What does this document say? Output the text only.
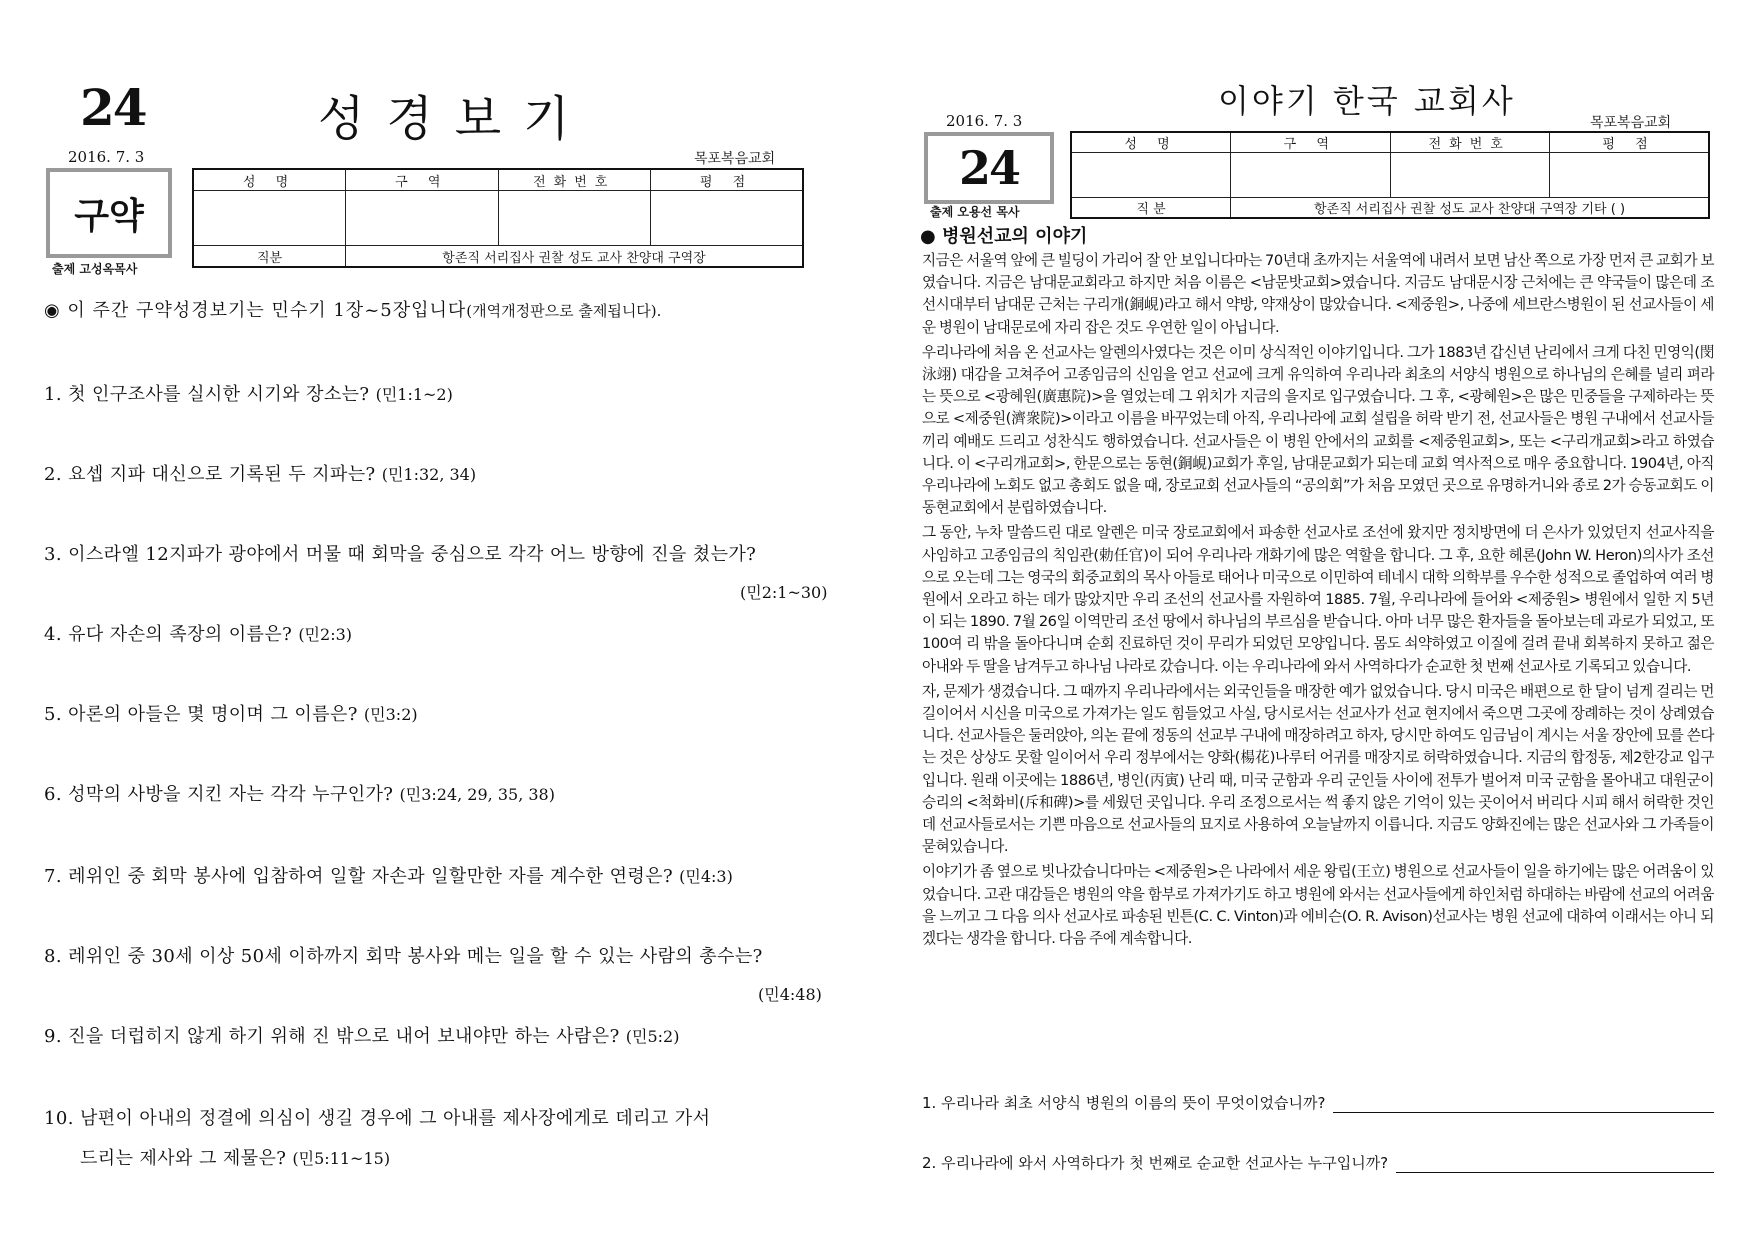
24	성경보기
2016. 7. 3	목포복음교회
구약
출제 고성옥목사
성 명	구 역	전화번호	평 점

직분	항존직 서리집사 권찰 성도 교사 찬양대 구역장		
◉ 이 주간 구약성경보기는 민수기 1장~5장입니다(개역개정판으로 출제됩니다).
1. 첫 인구조사를 실시한 시기와 장소는? (민1:1~2)
2. 요셉 지파 대신으로 기록된 두 지파는? (민1:32, 34)
3. 이스라엘 12지파가 광야에서 머물 때 회막을 중심으로 각각 어느 방향에 진을 쳤는가?
(민2:1~30)
4. 유다 자손의 족장의 이름은? (민2:3)
5. 아론의 아들은 몇 명이며 그 이름은? (민3:2)
6. 성막의 사방을 지킨 자는 각각 누구인가? (민3:24, 29, 35, 38)
7. 레위인 중 회막 봉사에 입참하여 일할 자손과 일할만한 자를 계수한 연령은? (민4:3)
8. 레위인 중 30세 이상 50세 이하까지 회막 봉사와 메는 일을 할 수 있는 사람의 총수는?
(민4:48)
9. 진을 더럽히지 않게 하기 위해 진 밖으로 내어 보내야만 하는 사람은? (민5:2)
10. 남편이 아내의 정결에 의심이 생길 경우에 그 아내를 제사장에게로 데리고 가서
드리는 제사와 그 제물은? (민5:11~15)
이야기 한국 교회사
2016. 7. 3	목포복음교회
24
출제 오용선 목사
성 명	구 역	전화번호	평 점

직 분	항존직 서리집사 권찰 성도 교사 찬양대 구역장 기타 ( )		
● 병원선교의 이야기

지금은 서울역 앞에 큰 빌딩이 가리어 잘 안 보입니다마는 70년대 초까지는 서울역에 내려서 보면 남산 쪽으로 가장 먼저 큰 교회가 보였습니다. 지금은 남대문교회라고 하지만 처음 이름은 <남문밧교회>였습니다. 지금도 남대문시장 근처에는 큰 약국들이 많은데 조선시대부터 남대문 근처는 구리개(銅峴)라고 해서 약방, 약재상이 많았습니다. <제중원>, 나중에 세브란스병원이 된 선교사들이 세운 병원이 남대문로에 자리 잡은 것도 우연한 일이 아닙니다.

우리나라에 처음 온 선교사는 알렌의사였다는 것은 이미 상식적인 이야기입니다. 그가 1883년 갑신년 난리에서 크게 다친 민영익(閔泳翊) 대감을 고쳐주어 고종임금의 신임을 얻고 선교에 크게 유익하여 우리나라 최초의 서양식 병원으로 하나님의 은혜를 널리 펴라는 뜻으로 <광혜원(廣惠院)>을 열었는데 그 위치가 지금의 을지로 입구였습니다. 그 후, <광혜원>은 많은 민중들을 구제하라는 뜻으로 <제중원(濟衆院)>이라고 이름을 바꾸었는데 아직, 우리나라에 교회 설립을 허락 받기 전, 선교사들은 병원 구내에서 선교사들끼리 예배도 드리고 성찬식도 행하였습니다. 선교사들은 이 병원 안에서의 교회를 <제중원교회>, 또는 <구리개교회>라고 하였습니다. 이 <구리개교회>, 한문으로는 동현(銅峴)교회가 후일, 남대문교회가 되는데 교회 역사적으로 매우 중요합니다. 1904년, 아직 우리나라에 노회도 없고 총회도 없을 때, 장로교회 선교사들의 “공의회”가 처음 모였던 곳으로 유명하거니와 종로 2가 승동교회도 이 동현교회에서 분립하였습니다.

그 동안, 누차 말씀드린 대로 알렌은 미국 장로교회에서 파송한 선교사로 조선에 왔지만 정치방면에 더 은사가 있었던지 선교사직을 사임하고 고종임금의 칙임관(勅任官)이 되어 우리나라 개화기에 많은 역할을 합니다. 그 후, 요한 헤론(John W. Heron)의사가 조선으로 오는데 그는 영국의 회중교회의 목사 아들로 태어나 미국으로 이민하여 테네시 대학 의학부를 우수한 성적으로 졸업하여 여러 병원에서 오라고 하는 데가 많았지만 우리 조선의 선교사를 자원하여 1885. 7월, 우리나라에 들어와 <제중원> 병원에서 일한 지 5년이 되는 1890. 7월 26일 이역만리 조선 땅에서 하나님의 부르심을 받습니다. 아마 너무 많은 환자들을 돌아보는데 과로가 되었고, 또 100여 리 밖을 돌아다니며 순회 진료하던 것이 무리가 되었던 모양입니다. 몸도 쇠약하였고 이질에 걸려 끝내 회복하지 못하고 젊은 아내와 두 딸을 남겨두고 하나님 나라로 갔습니다. 이는 우리나라에 와서 사역하다가 순교한 첫 번째 선교사로 기록되고 있습니다.

자, 문제가 생겼습니다. 그 때까지 우리나라에서는 외국인들을 매장한 예가 없었습니다. 당시 미국은 배편으로 한 달이 넘게 걸리는 먼 길이어서 시신을 미국으로 가져가는 일도 힘들었고 사실, 당시로서는 선교사가 선교 현지에서 죽으면 그곳에 장례하는 것이 상례였습니다. 선교사들은 둘러앉아, 의논 끝에 정동의 선교부 구내에 매장하려고 하자, 당시만 하여도 임금님이 계시는 서울 장안에 묘를 쓴다는 것은 상상도 못할 일이어서 우리 정부에서는 양화(楊花)나루터 어귀를 매장지로 허락하였습니다. 지금의 합정동, 제2한강교 입구입니다. 원래 이곳에는 1886년, 병인(丙寅) 난리 때, 미국 군함과 우리 군인들 사이에 전투가 벌어져 미국 군함을 몰아내고 대원군이 승리의 <척화비(斥和碑)>를 세웠던 곳입니다. 우리 조정으로서는 썩 좋지 않은 기억이 있는 곳이어서 버리다 시피 해서 허락한 것인데 선교사들로서는 기쁜 마음으로 선교사들의 묘지로 사용하여 오늘날까지 이릅니다. 지금도 양화진에는 많은 선교사와 그 가족들이 묻혀있습니다.

이야기가 좀 옆으로 빗나갔습니다마는 <제중원>은 나라에서 세운 왕립(王立) 병원으로 선교사들이 일을 하기에는 많은 어려움이 있었습니다. 고관 대감들은 병원의 약을 함부로 가져가기도 하고 병원에 와서는 선교사들에게 하인처럼 하대하는 바람에 선교의 어려움을 느끼고 그 다음 의사 선교사로 파송된 빈튼(C. C. Vinton)과 에비슨(O. R. Avison)선교사는 병원 선교에 대하여 이래서는 아니 되겠다는 생각을 합니다. 다음 주에 계속합니다.

1. 우리나라 최초 서양식 병원의 이름의 뜻이 무엇이었습니까?
2. 우리나라에 와서 사역하다가 첫 번째로 순교한 선교사는 누구입니까?
